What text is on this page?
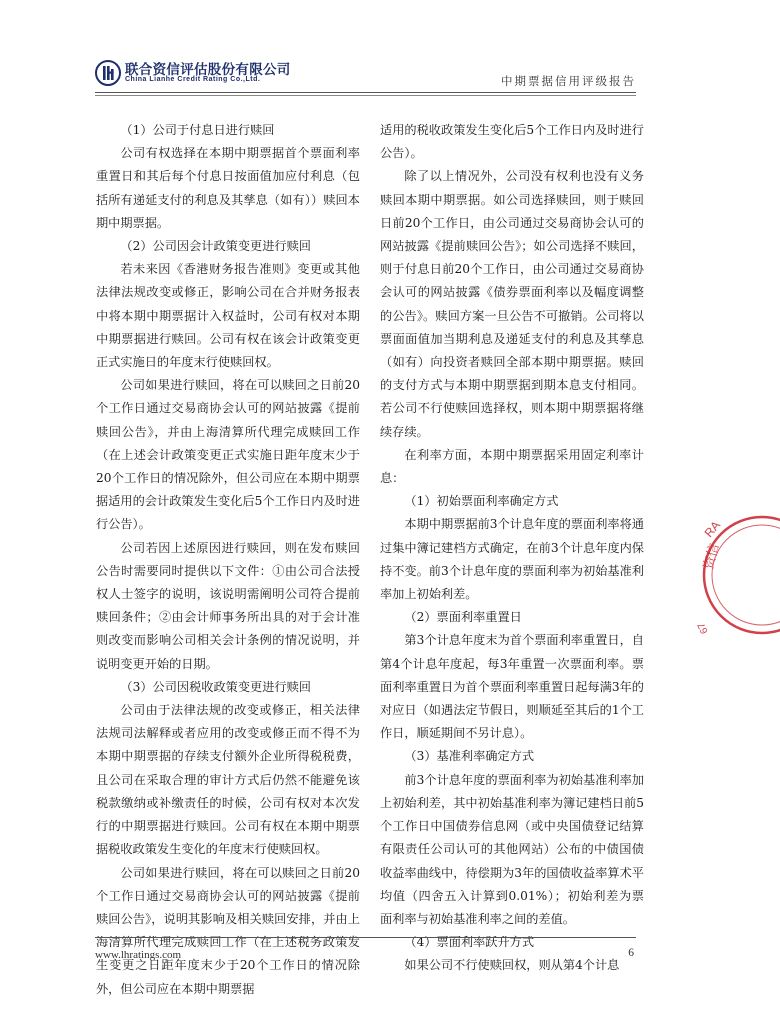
联合资信评估股份有限公司
China Lianhe Credit Rating Co.,Ltd.	中期票据信用评级报告

（1）公司于付息日进行赎回

公司有权选择在本期中期票据首个票面利率重置日和其后每个付息日按面值加应付利息（包括所有递延支付的利息及其孳息（如有））赎回本期中期票据。

（2）公司因会计政策变更进行赎回

若未来因《香港财务报告准则》变更或其他法律法规改变或修正，影响公司在合并财务报表中将本期中期票据计入权益时，公司有权对本期中期票据进行赎回。公司有权在该会计政策变更正式实施日的年度末行使赎回权。

公司如果进行赎回，将在可以赎回之日前20个工作日通过交易商协会认可的网站披露《提前赎回公告》，并由上海清算所代理完成赎回工作（在上述会计政策变更正式实施日距年度末少于20个工作日的情况除外，但公司应在本期中期票据适用的会计政策发生变化后5个工作日内及时进行公告）。

公司若因上述原因进行赎回，则在发布赎回公告时需要同时提供以下文件：①由公司合法授权人士签字的说明，该说明需阐明公司符合提前赎回条件；②由会计师事务所出具的对于会计准则改变而影响公司相关会计条例的情况说明，并说明变更开始的日期。

（3）公司因税收政策变更进行赎回

公司由于法律法规的改变或修正，相关法律法规司法解释或者应用的改变或修正而不得不为本期中期票据的存续支付额外企业所得税税费，且公司在采取合理的审计方式后仍然不能避免该税款缴纳或补缴责任的时候，公司有权对本次发行的中期票据进行赎回。公司有权在本期中期票据税收政策发生变化的年度末行使赎回权。

公司如果进行赎回，将在可以赎回之日前20个工作日通过交易商协会认可的网站披露《提前赎回公告》，说明其影响及相关赎回安排，并由上海清算所代理完成赎回工作（在上述税务政策发生变更之日距年度末少于20个工作日的情况除外，但公司应在本期中期票据

适用的税收政策发生变化后5个工作日内及时进行公告）。

除了以上情况外，公司没有权利也没有义务赎回本期中期票据。如公司选择赎回，则于赎回日前20个工作日，由公司通过交易商协会认可的网站披露《提前赎回公告》；如公司选择不赎回，则于付息日前20个工作日，由公司通过交易商协会认可的网站披露《债券票面利率以及幅度调整的公告》。赎回方案一旦公告不可撤销。公司将以票面面值加当期利息及递延支付的利息及其孳息（如有）向投资者赎回全部本期中期票据。赎回的支付方式与本期中期票据到期本息支付相同。若公司不行使赎回选择权，则本期中期票据将继续存续。

在利率方面，本期中期票据采用固定利率计息：

（1）初始票面利率确定方式

本期中期票据前3个计息年度的票面利率将通过集中簿记建档方式确定，在前3个计息年度内保持不变。前3个计息年度的票面利率为初始基准利率加上初始利差。

（2）票面利率重置日

第3个计息年度末为首个票面利率重置日，自第4个计息年度起，每3年重置一次票面利率。票面利率重置日为首个票面利率重置日起每满3年的对应日（如遇法定节假日，则顺延至其后的1个工作日，顺延期间不另计息）。

（3）基准利率确定方式

前3个计息年度的票面利率为初始基准利率加上初始利差，其中初始基准利率为簿记建档日前5个工作日中国债券信息网（或中央国债登记结算有限责任公司认可的其他网站）公布的中债国债收益率曲线中，待偿期为3年的国债收益率算术平均值（四舍五入计算到0.01%）；初始利差为票面利率与初始基准利率之间的差值。

（4）票面利率跃升方式

如果公司不行使赎回权，则从第4个计息

RA
资信
67
www.lhratings.com	6
